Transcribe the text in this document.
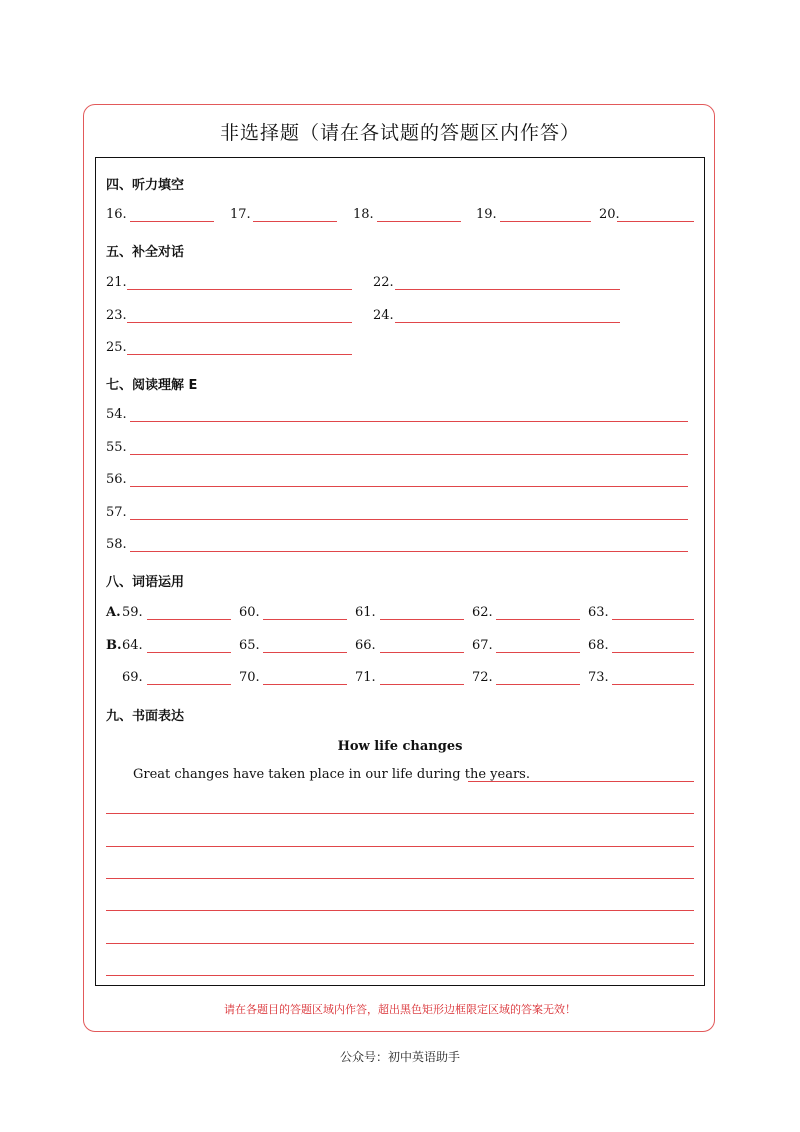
非选择题（请在各试题的答题区内作答）
四、听力填空
16.	17.	18.	19.	20.
五、补全对话
21.	22.
23.	24.
25.
七、阅读理解 E
54.
55.
56.
57.
58.
八、词语运用
A. 59.	60.	61.	62.	63.
B. 64.	65.	66.	67.	68.
69.	70.	71.	72.	73.
九、书面表达
How life changes
Great changes have taken place in our life during the years.
请在各题目的答题区域内作答，超出黑色矩形边框限定区域的答案无效！
公众号：初中英语助手
